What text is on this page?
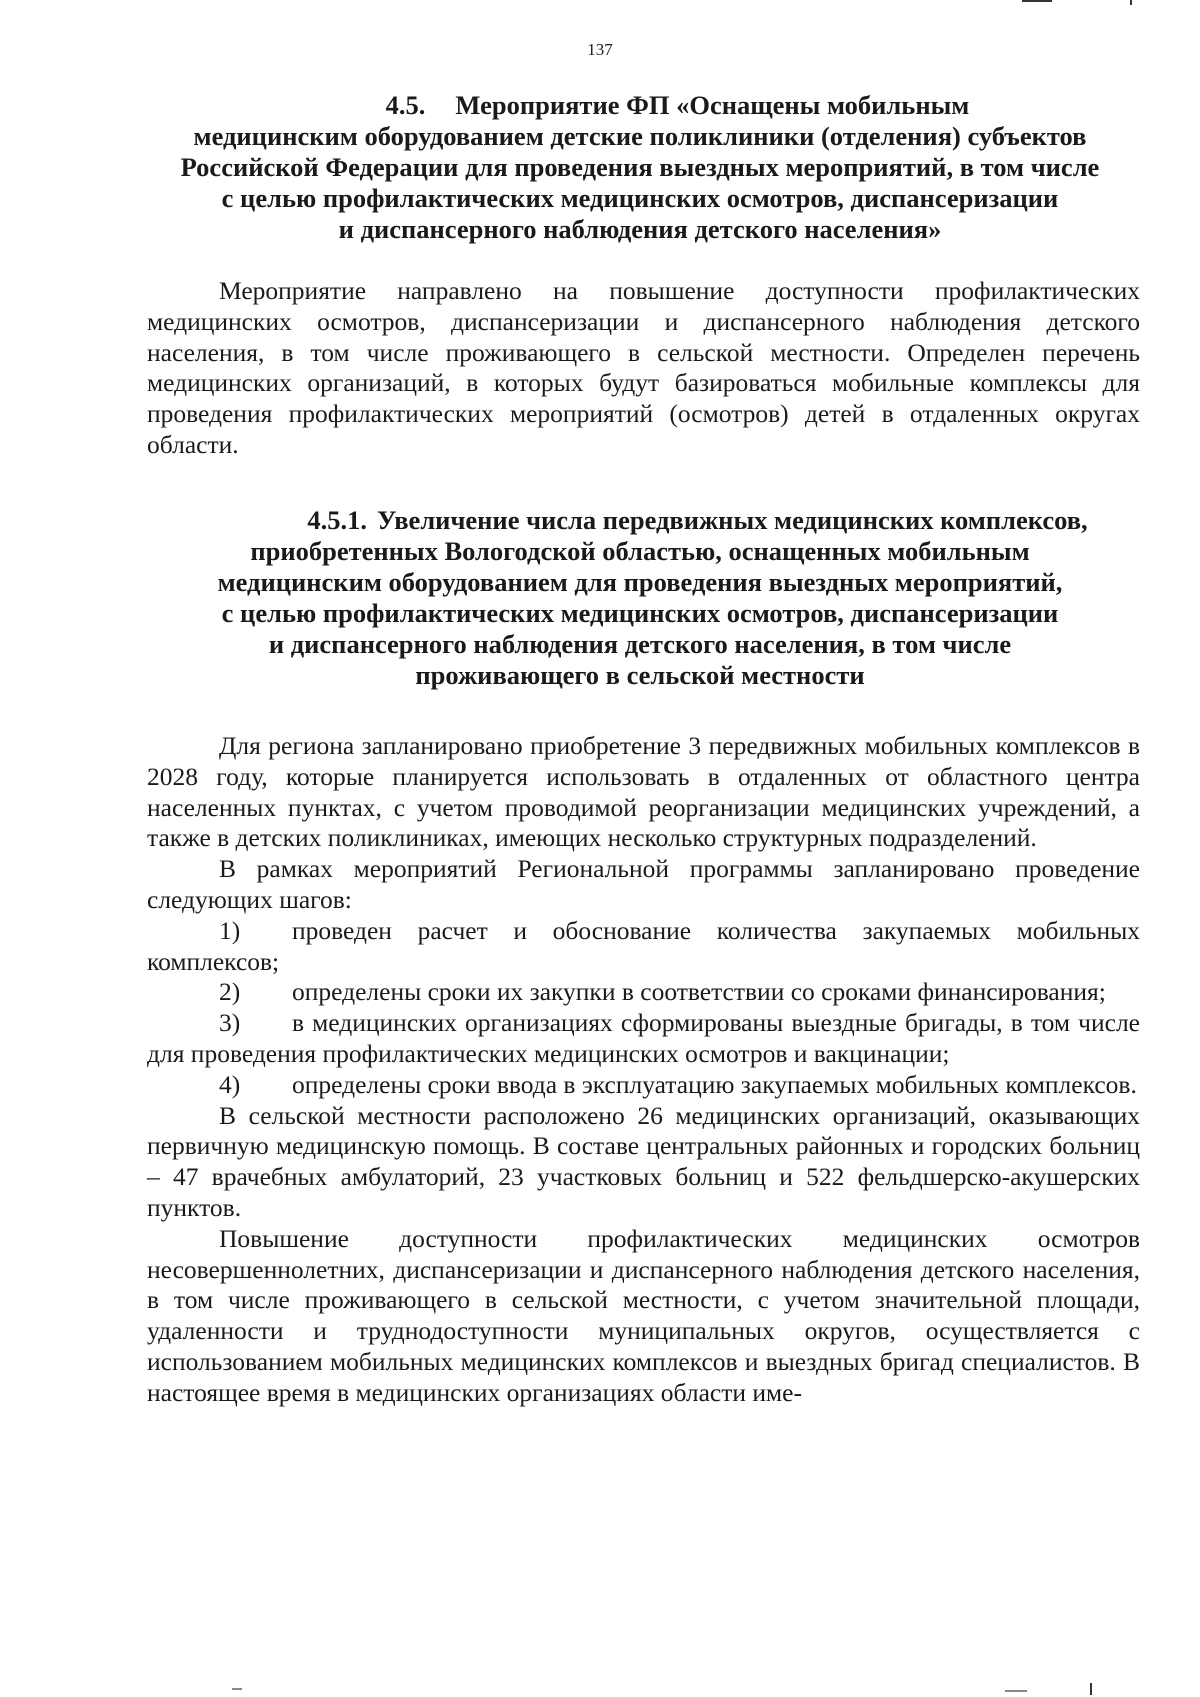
137
4.5. Мероприятие ФП «Оснащены мобильным
медицинским оборудованием детские поликлиники (отделения) субъектов
Российской Федерации для проведения выездных мероприятий, в том числе
с целью профилактических медицинских осмотров, диспансеризации
и диспансерного наблюдения детского населения»

Мероприятие направлено на повышение доступности профилактических медицинских осмотров, диспансеризации и диспансерного наблюдения детского населения, в том числе проживающего в сельской местности. Определен перечень медицинских организаций, в которых будут базироваться мобильные комплексы для проведения профилактических мероприятий (осмотров) детей в отдаленных округах области.

4.5.1. Увеличение числа передвижных медицинских комплексов,
приобретенных Вологодской областью, оснащенных мобильным
медицинским оборудованием для проведения выездных мероприятий,
с целью профилактических медицинских осмотров, диспансеризации
и диспансерного наблюдения детского населения, в том числе
проживающего в сельской местности

Для региона запланировано приобретение 3 передвижных мобильных комплексов в 2028 году, которые планируется использовать в отдаленных от областного центра населенных пунктах, с учетом проводимой реорганизации медицинских учреждений, а также в детских поликлиниках, имеющих несколько структурных подразделений.

В рамках мероприятий Региональной программы запланировано проведение следующих шагов:

1) проведен расчет и обоснование количества закупаемых мобильных комплексов;

2) определены сроки их закупки в соответствии со сроками финансирования;

3) в медицинских организациях сформированы выездные бригады, в том числе для проведения профилактических медицинских осмотров и вакцинации;

4) определены сроки ввода в эксплуатацию закупаемых мобильных комплексов.

В сельской местности расположено 26 медицинских организаций, оказывающих первичную медицинскую помощь. В составе центральных районных и городских больниц – 47 врачебных амбулаторий, 23 участковых больниц и 522 фельдшерско-акушерских пунктов.

Повышение доступности профилактических медицинских осмотров несовершеннолетних, диспансеризации и диспансерного наблюдения детского населения, в том числе проживающего в сельской местности, с учетом значительной площади, удаленности и труднодоступности муниципальных округов, осуществляется с использованием мобильных медицинских комплексов и выездных бригад специалистов. В настоящее время в медицинских организациях области име-
